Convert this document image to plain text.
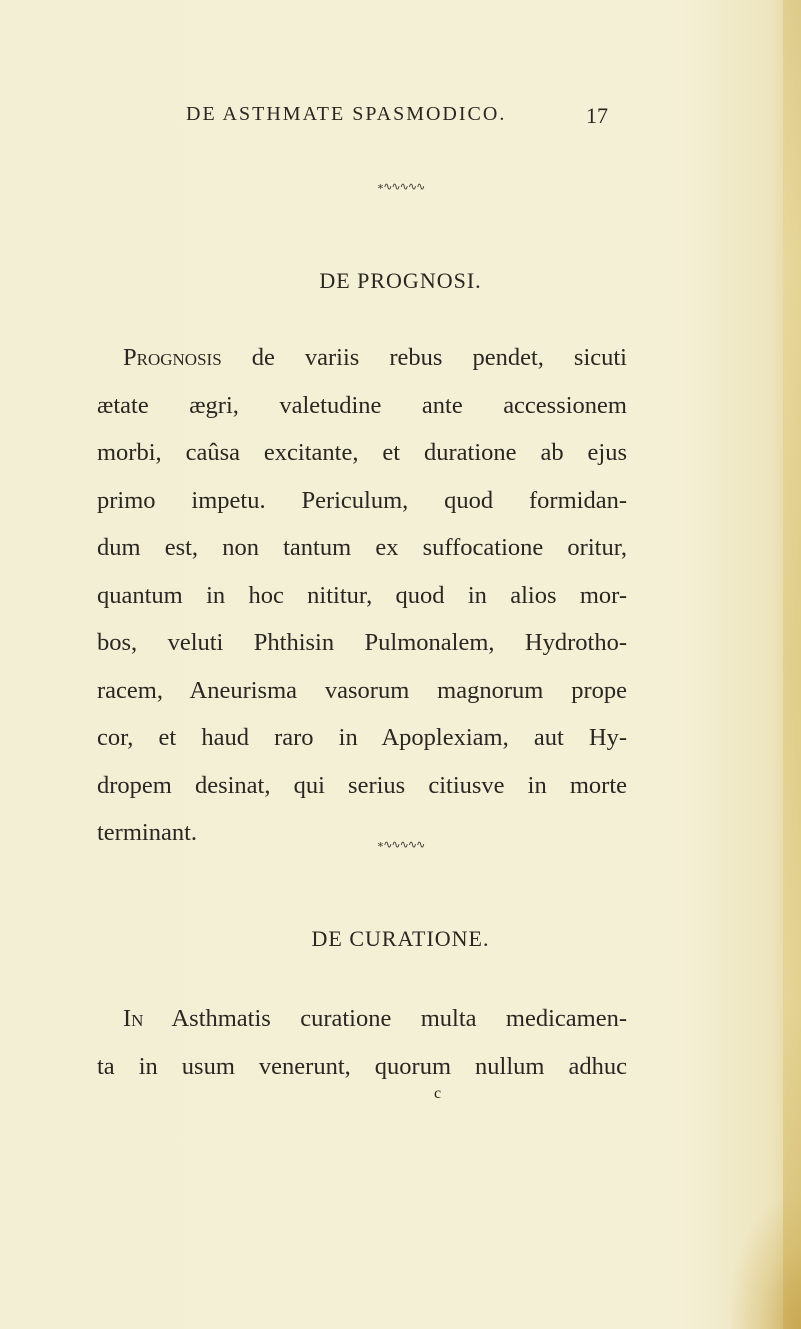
DE ASTHMATE SPASMODICO.	17
∗∿∿∿∿∿
DE PROGNOSI.
Prognosis de variis rebus pendet, sicuti
ætate ægri, valetudine ante accessionem
morbi, caûsa excitante, et duratione ab ejus
primo impetu. Periculum, quod formidan-
dum est, non tantum ex suffocatione oritur,
quantum in hoc nititur, quod in alios mor-
bos, veluti Phthisin Pulmonalem, Hydrotho-
racem, Aneurisma vasorum magnorum prope
cor, et haud raro in Apoplexiam, aut Hy-
dropem desinat, qui serius citiusve in morte
terminant.	∗∿∿∿∿∿
DE CURATIONE.
In Asthmatis curatione multa medicamen-
ta in usum venerunt, quorum nullum adhuc
c
